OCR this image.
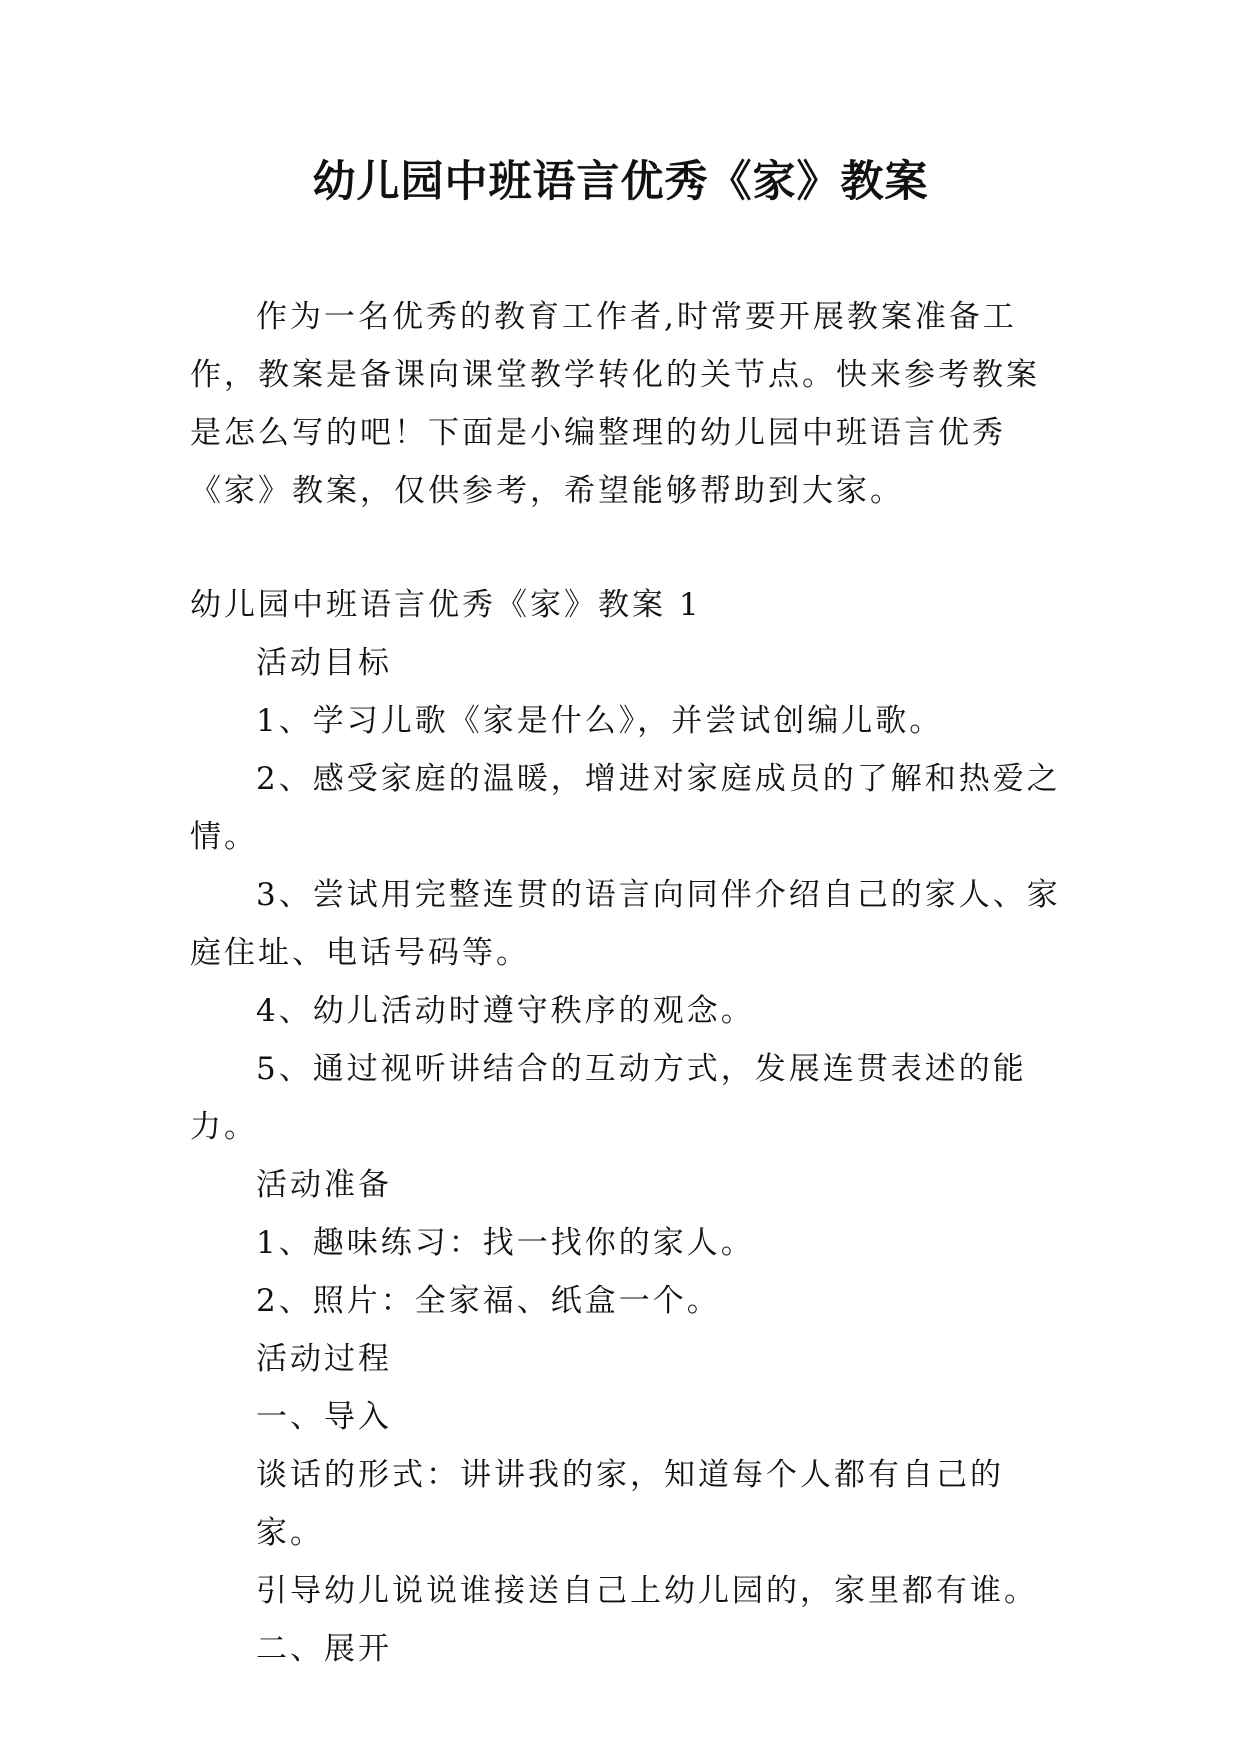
幼儿园中班语言优秀《家》教案

作为一名优秀的教育工作者,时常要开展教案准备工作，教案是备课向课堂教学转化的关节点。快来参考教案是怎么写的吧！下面是小编整理的幼儿园中班语言优秀《家》教案，仅供参考，希望能够帮助到大家。

幼儿园中班语言优秀《家》教案 1

活动目标

1、学习儿歌《家是什么》，并尝试创编儿歌。

2、感受家庭的温暖，增进对家庭成员的了解和热爱之情。

3、尝试用完整连贯的语言向同伴介绍自己的家人、家庭住址、电话号码等。

4、幼儿活动时遵守秩序的观念。

5、通过视听讲结合的互动方式，发展连贯表述的能力。

活动准备

1、趣味练习：找一找你的家人。

2、照片：全家福、纸盒一个。

活动过程

一、导入

谈话的形式：讲讲我的家，知道每个人都有自己的家。

引导幼儿说说谁接送自己上幼儿园的，家里都有谁。

二、展开
